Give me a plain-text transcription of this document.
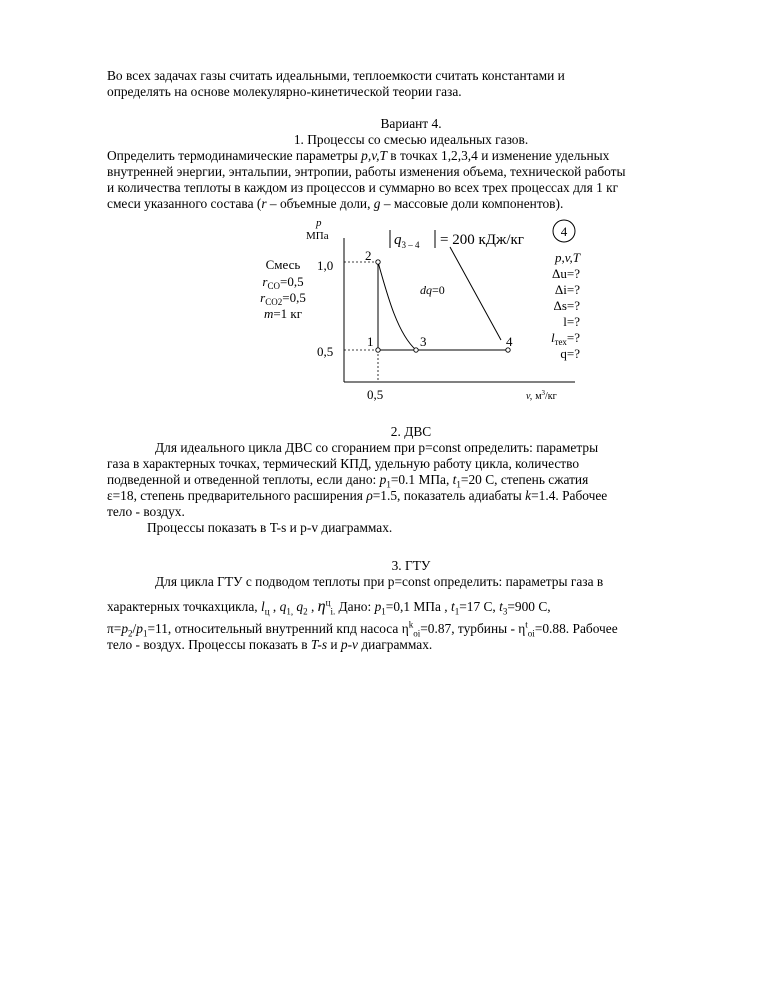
Во всех задачах газы считать идеальными, теплоемкости считать константами и

определять на основе молекулярно-кинетической теории газа.

Вариант 4.
1. Процессы со смесью идеальных газов.

Определить термодинамические параметры p,v,T в точках 1,2,3,4 и изменение удельных

внутренней энергии, энтальпии, энтропии, работы изменения объема, технической работы

и количества теплоты в каждом из процессов и суммарно во всех трех процессах для 1 кг

смеси указанного состава (r – объемные доли, g – массовые доли компонентов).

p
МПа
1,0
0,5
0,5	v, $м^3/кг$
2
1	3	4
dq=0
$q_{3 - 4} = 200$ кДж/кг
4
Смесь
$r_{CO}=0,5$
$r_{CO2}=0,5$
m=1 кг
p,v,T
Δu=?
Δi=?
Δs=?
l=?
$l_{тех}=$?
q=?
2. ДВС

Для идеального цикла ДВС со сгоранием при p=const определить: параметры

газа в характерных точках, термический КПД, удельную работу цикла, количество

подведенной и отведенной теплоты, если дано: $p_1=0.1$ МПа, $t_1=20$ С, степень сжатия

ε=18, степень предварительного расширения ρ=1.5, показатель адиабаты k=1.4. Рабочее

тело - воздух.

Процессы показать в T-s и p-v диаграммах.

3. ГТУ

Для цикла ГТУ с подводом теплоты при p=const определить: параметры газа в

характерных точкахцикла, $l_ц$ , $q_{1,}$ $q_2$ , $\eta^ц_{i.}$ Дано: $p_1=0,1$ МПа , $t_1=17$ С, $t_3=900$ С,

$\pi=p_2/p_1=11$, относительный внутренний кпд насоса $\eta^k_{oi}=0.87$, турбины - $\eta^t_{oi}=0.88$. Рабочее

тело - воздух. Процессы показать в T-s и p-v диаграммах.
